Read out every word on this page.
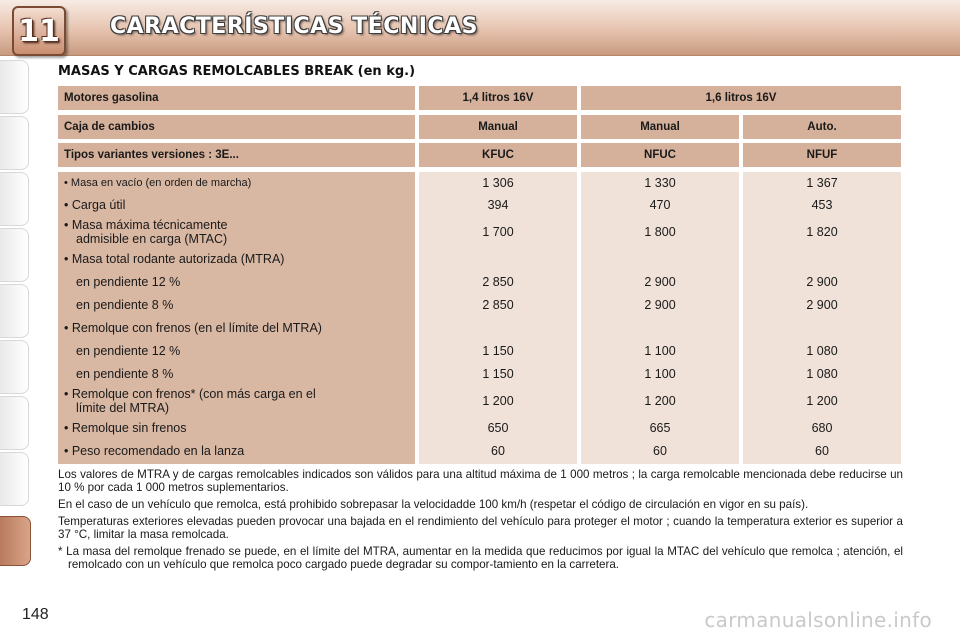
11 CARACTERÍSTICAS TÉCNICAS
MASAS Y CARGAS REMOLCABLES BREAK (en kg.)
Motores gasolina	1,4 litros 16V	1,6 litros 16V
Caja de cambios	Manual	Manual	Auto.
Tipos variantes versiones : 3E...	KFUC	NFUC	NFUF
• Masa en vacío (en orden de marcha)	1 306	1 330	1 367
• Carga útil	394	470	453
• Masa máxima técnicamente
admisible en carga (MTAC)	1 700	1 800	1 820
• Masa total rodante autorizada (MTRA)
en pendiente 12 %	2 850	2 900	2 900
en pendiente 8 %	2 850	2 900	2 900
• Remolque con frenos (en el límite del MTRA)
en pendiente 12 %	1 150	1 100	1 080
en pendiente 8 %	1 150	1 100	1 080
• Remolque con frenos* (con más carga en el
límite del MTRA)	1 200	1 200	1 200
• Remolque sin frenos	650	665	680
• Peso recomendado en la lanza	60	60	60

Los valores de MTRA y de cargas remolcables indicados son válidos para una altitud máxima de 1 000 metros ; la carga remolcable mencionada debe reducirse un 10 % por cada 1 000 metros suplementarios.

En el caso de un vehículo que remolca, está prohibido sobrepasar la velocidadde 100 km/h (respetar el código de circulación en vigor en su país).

Temperaturas exteriores elevadas pueden provocar una bajada en el rendimiento del vehículo para proteger el motor ; cuando la temperatura exterior es superior a 37 °C, limitar la masa remolcada.

* La masa del remolque frenado se puede, en el límite del MTRA, aumentar en la medida que reducimos por igual la MTAC del vehículo que remolca ; atención, el remolcado con un vehículo que remolca poco cargado puede degradar su compor-tamiento en la carretera.

148	carmanualsonline.info
